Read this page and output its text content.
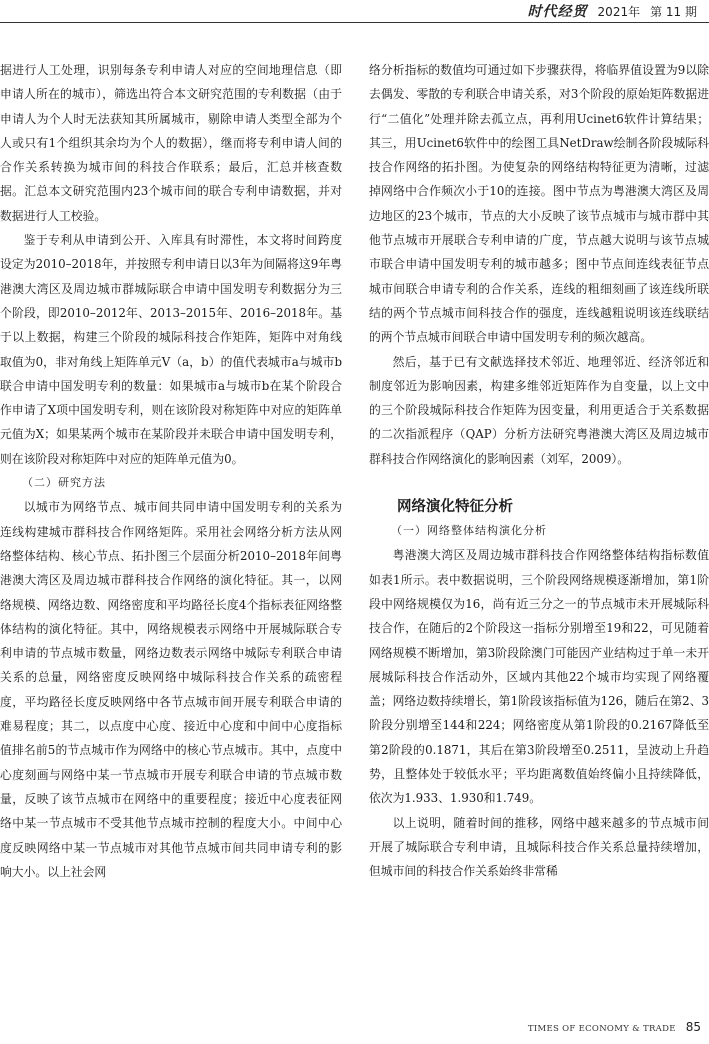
时代经贸 2021年 第 11 期

据进行人工处理，识别每条专利申请人对应的空间地理信息（即申请人所在的城市），筛选出符合本文研究范围的专利数据（由于申请人为个人时无法获知其所属城市，剔除申请人类型全部为个人或只有1个组织其余均为个人的数据），继而将专利申请人间的合作关系转换为城市间的科技合作联系；最后，汇总并核查数据。汇总本文研究范围内23个城市间的联合专利申请数据，并对数据进行人工校验。

鉴于专利从申请到公开、入库具有时滞性，本文将时间跨度设定为2010–2018年，并按照专利申请日以3年为间隔将这9年粤港澳大湾区及周边城市群城际联合申请中国发明专利数据分为三个阶段，即2010–2012年、2013–2015年、2016–2018年。基于以上数据，构建三个阶段的城际科技合作矩阵，矩阵中对角线取值为0，非对角线上矩阵单元V（a，b）的值代表城市a与城市b联合申请中国发明专利的数量：如果城市a与城市b在某个阶段合作申请了X项中国发明专利，则在该阶段对称矩阵中对应的矩阵单元值为X；如果某两个城市在某阶段并未联合申请中国发明专利，则在该阶段对称矩阵中对应的矩阵单元值为0。

（二）研究方法

以城市为网络节点、城市间共同申请中国发明专利的关系为连线构建城市群科技合作网络矩阵。采用社会网络分析方法从网络整体结构、核心节点、拓扑图三个层面分析2010–2018年间粤港澳大湾区及周边城市群科技合作网络的演化特征。其一，以网络规模、网络边数、网络密度和平均路径长度4个指标表征网络整体结构的演化特征。其中，网络规模表示网络中开展城际联合专利申请的节点城市数量，网络边数表示网络中城际专利联合申请关系的总量，网络密度反映网络中城际科技合作关系的疏密程度，平均路径长度反映网络中各节点城市间开展专利联合申请的难易程度；其二，以点度中心度、接近中心度和中间中心度指标值排名前5的节点城市作为网络中的核心节点城市。其中，点度中心度刻画与网络中某一节点城市开展专利联合申请的节点城市数量，反映了该节点城市在网络中的重要程度；接近中心度表征网络中某一节点城市不受其他节点城市控制的程度大小。中间中心度反映网络中某一节点城市对其他节点城市间共同申请专利的影响大小。以上社会网

络分析指标的数值均可通过如下步骤获得，将临界值设置为9以除去偶发、零散的专利联合申请关系，对3个阶段的原始矩阵数据进行“二值化”处理并除去孤立点，再利用Ucinet6软件计算结果；其三，用Ucinet6软件中的绘图工具NetDraw绘制各阶段城际科技合作网络的拓扑图。为使复杂的网络结构特征更为清晰，过滤掉网络中合作频次小于10的连接。图中节点为粤港澳大湾区及周边地区的23个城市，节点的大小反映了该节点城市与城市群中其他节点城市开展联合专利申请的广度，节点越大说明与该节点城市联合申请中国发明专利的城市越多；图中节点间连线表征节点城市间联合申请专利的合作关系，连线的粗细刻画了该连线所联结的两个节点城市间科技合作的强度，连线越粗说明该连线联结的两个节点城市间联合申请中国发明专利的频次越高。

然后，基于已有文献选择技术邻近、地理邻近、经济邻近和制度邻近为影响因素，构建多维邻近矩阵作为自变量，以上文中的三个阶段城际科技合作矩阵为因变量，利用更适合于关系数据的二次指派程序（QAP）分析方法研究粤港澳大湾区及周边城市群科技合作网络演化的影响因素（刘军，2009）。

网络演化特征分析

（一）网络整体结构演化分析

粤港澳大湾区及周边城市群科技合作网络整体结构指标数值如表1所示。表中数据说明，三个阶段网络规模逐渐增加，第1阶段中网络规模仅为16，尚有近三分之一的节点城市未开展城际科技合作，在随后的2个阶段这一指标分别增至19和22，可见随着网络规模不断增加，第3阶段除澳门可能因产业结构过于单一未开展城际科技合作活动外，区域内其他22个城市均实现了网络覆盖；网络边数持续增长，第1阶段该指标值为126，随后在第2、3阶段分别增至144和224；网络密度从第1阶段的0.2167降低至第2阶段的0.1871，其后在第3阶段增至0.2511，呈波动上升趋势，且整体处于较低水平；平均距离数值始终偏小且持续降低，依次为1.933、1.930和1.749。

以上说明，随着时间的推移，网络中越来越多的节点城市间开展了城际联合专利申请，且城际科技合作关系总量持续增加，但城市间的科技合作关系始终非常稀

TIMES OF ECONOMY & TRADE 85
